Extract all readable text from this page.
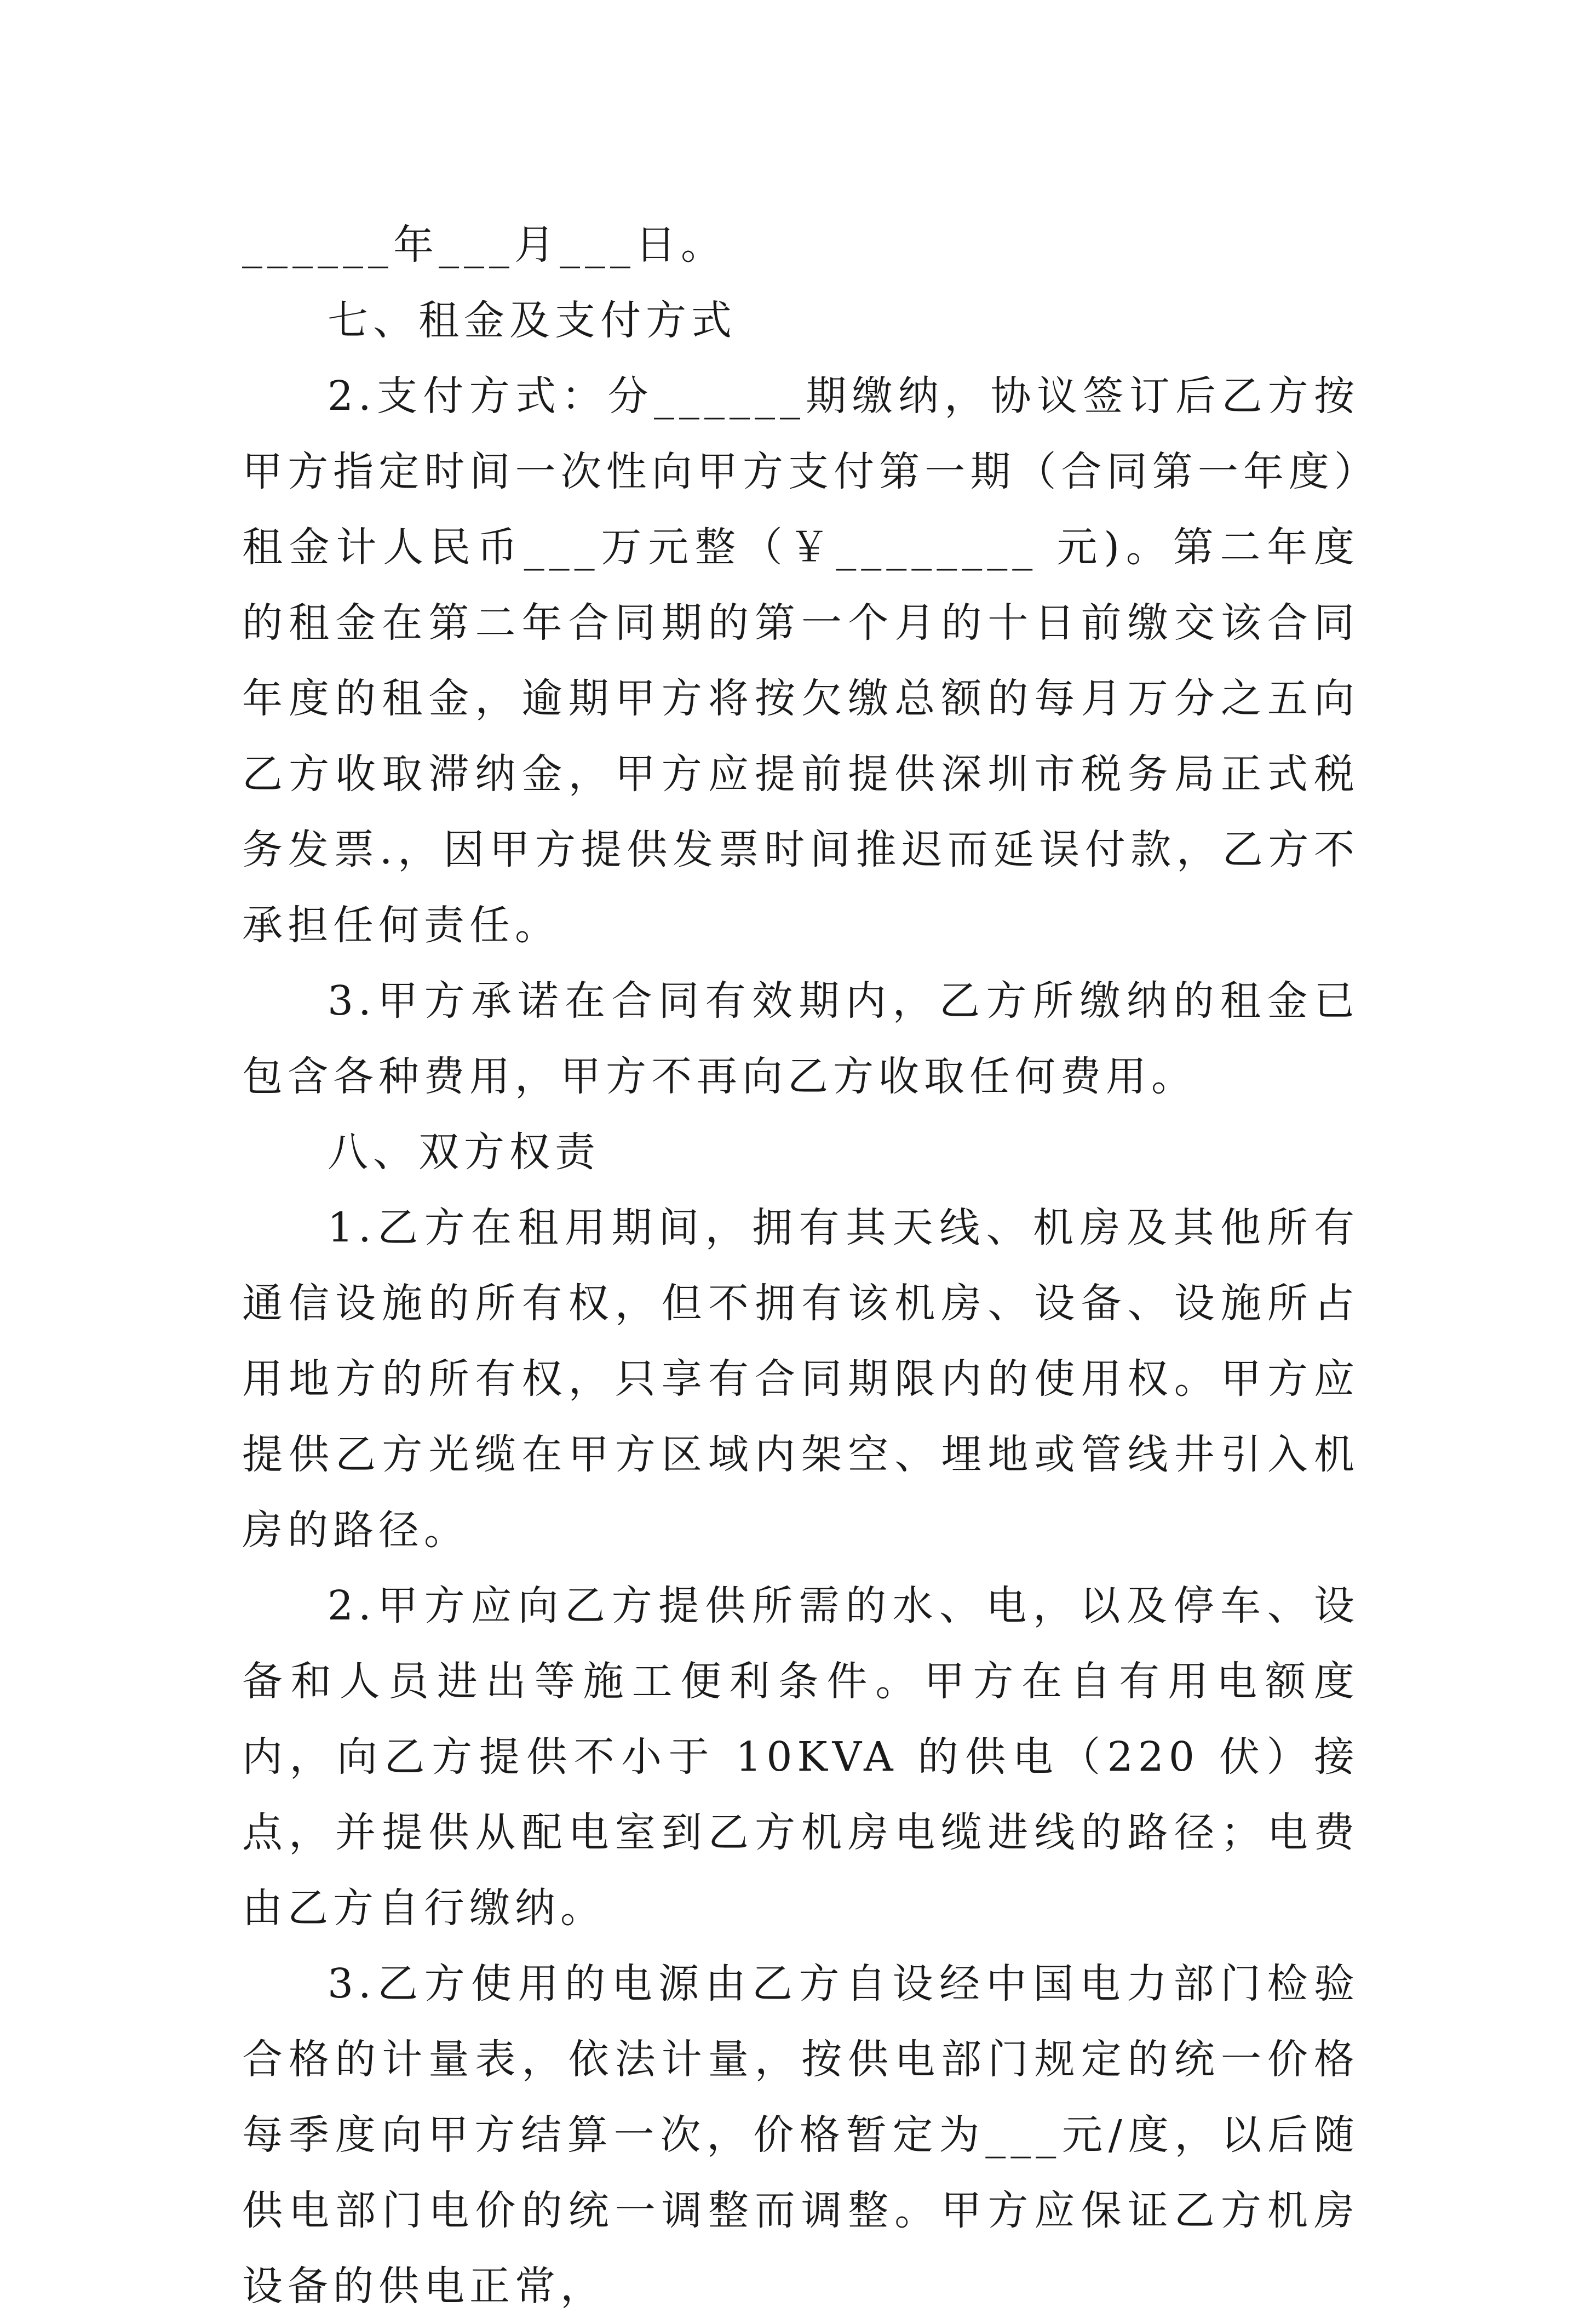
______年___月___日。

七、租金及支付方式

2.支付方式：分______期缴纳，协议签订后乙方按甲方指定时间一次性向甲方支付第一期（合同第一年度）租金计人民币___万元整（￥________ 元)。第二年度的租金在第二年合同期的第一个月的十日前缴交该合同年度的租金，逾期甲方将按欠缴总额的每月万分之五向乙方收取滞纳金，甲方应提前提供深圳市税务局正式税务发票.，因甲方提供发票时间推迟而延误付款，乙方不承担任何责任。

3.甲方承诺在合同有效期内，乙方所缴纳的租金已包含各种费用，甲方不再向乙方收取任何费用。

八、双方权责

1.乙方在租用期间，拥有其天线、机房及其他所有通信设施的所有权，但不拥有该机房、设备、设施所占用地方的所有权，只享有合同期限内的使用权。甲方应提供乙方光缆在甲方区域内架空、埋地或管线井引入机房的路径。

2.甲方应向乙方提供所需的水、电，以及停车、设备和人员进出等施工便利条件。甲方在自有用电额度内，向乙方提供不小于 10KVA 的供电（220 伏）接点，并提供从配电室到乙方机房电缆进线的路径；电费由乙方自行缴纳。

3.乙方使用的电源由乙方自设经中国电力部门检验合格的计量表，依法计量，按供电部门规定的统一价格每季度向甲方结算一次，价格暂定为___元/度，以后随供电部门电价的统一调整而调整。甲方应保证乙方机房设备的供电正常，
